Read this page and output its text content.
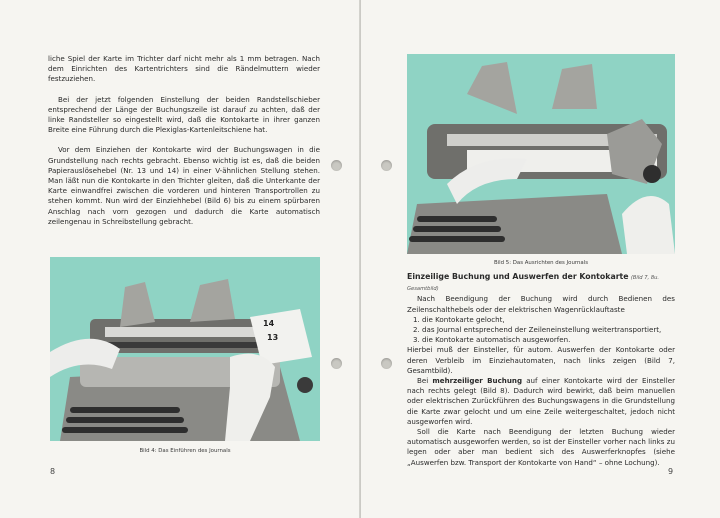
liche Spiel der Karte im Trichter darf nicht mehr als 1 mm betragen. Nach dem Einrichten des Kartentrichters sind die Rändelmuttern wieder festzuziehen.

Bei der jetzt folgenden Einstellung der beiden Randstellschieber entsprechend der Länge der Buchungszeile ist darauf zu achten, daß der linke Randsteller so eingestellt wird, daß die Kontokarte in ihrer ganzen Breite eine Führung durch die Plexiglas-Kartenleitschiene hat.

Vor dem Einziehen der Kontokarte wird der Buchungswagen in die Grundstellung nach rechts gebracht. Ebenso wichtig ist es, daß die beiden Papierauslösehebel (Nr. 13 und 14) in einer V-ähnlichen Stellung stehen. Man läßt nun die Kontokarte in den Trichter gleiten, daß die Unterkante der Karte einwandfrei zwischen die vorderen und hinteren Transportrollen zu stehen kommt. Nun wird der Einziehhebel (Bild 6) bis zu einem spürbaren Anschlag nach vorn gezogen und dadurch die Karte automatisch zeilengenau in Schreibstellung gebracht.

14
13
Bild 4: Das Einführen des Journals
8
Bild 5: Das Ausrichten des Journals

Einzeilige Buchung und Auswerfen der Kontokarte (Bild 7, 8u. Gesamtbild)

Nach Beendigung der Buchung wird durch Bedienen des Zeilenschalthebels oder der elektrischen Wagenrücklauftaste

1. die Kontokarte gelocht,

2. das Journal entsprechend der Zeileneinstellung weitertransportiert,

3. die Kontokarte automatisch ausgeworfen.

Hierbei muß der Einsteller, für autom. Auswerfen der Kontokarte oder deren Verbleib im Einziehautomaten, nach links zeigen (Bild 7, Gesamtbild).

Bei mehrzeiliger Buchung auf einer Kontokarte wird der Einsteller nach rechts gelegt (Bild 8). Dadurch wird bewirkt, daß beim manuellen oder elektrischen Zurückführen des Buchungswagens in die Grundstellung die Karte zwar gelocht und um eine Zeile weitergeschaltet, jedoch nicht ausgeworfen wird.

Soll die Karte nach Beendigung der letzten Buchung wieder automatisch ausgeworfen werden, so ist der Einsteller vorher nach links zu legen oder aber man bedient sich des Auswerferknopfes (siehe „Auswerfen bzw. Transport der Kontokarte von Hand“ – ohne Lochung).

9
